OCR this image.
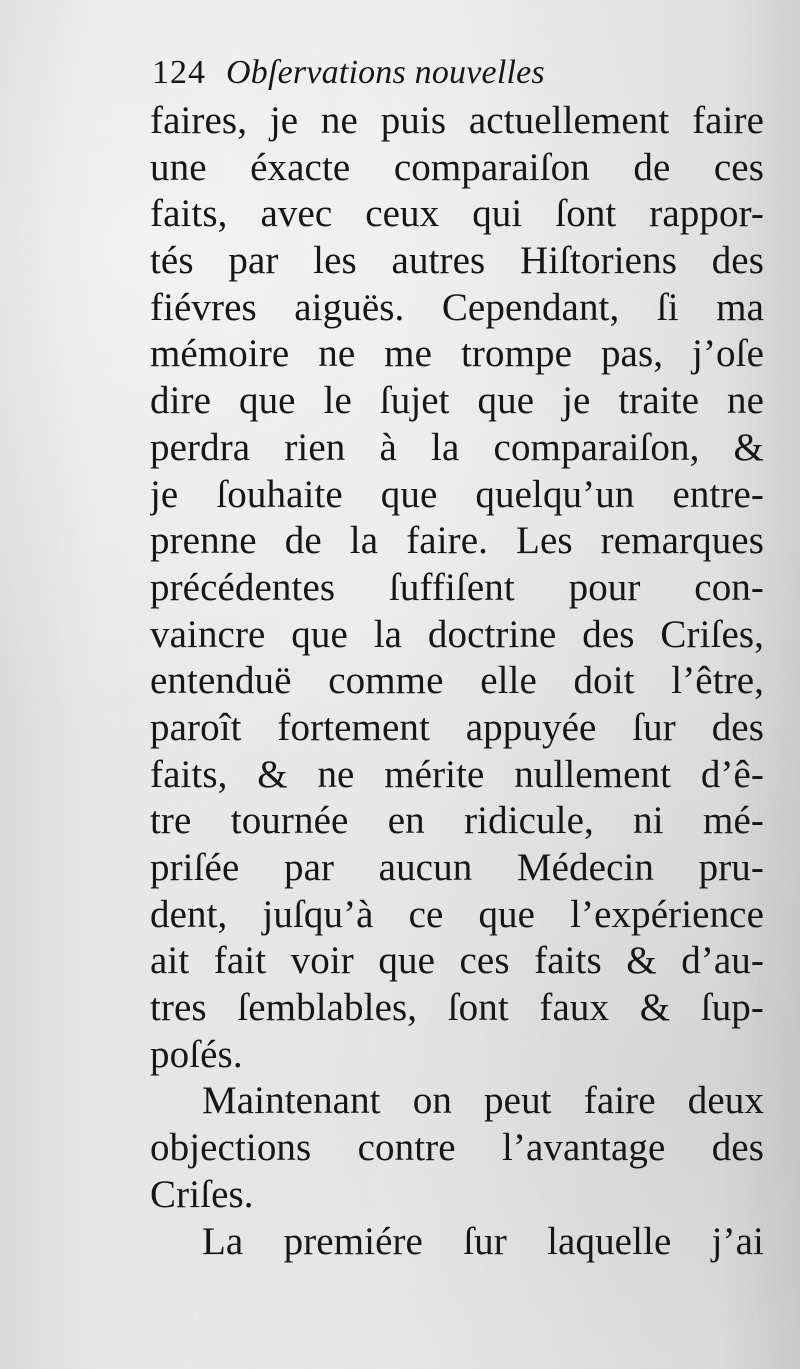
124 Obſervations nouvelles
faires, je ne puis actuellement faire
une éxacte comparaiſon de ces
faits, avec ceux qui ſont rappor-
tés par les autres Hiſtoriens des
fiévres aiguës. Cependant, ſi ma
mémoire ne me trompe pas, j’oſe
dire que le ſujet que je traite ne
perdra rien à la comparaiſon, &
je ſouhaite que quelqu’un entre-
prenne de la faire. Les remarques
précédentes ſuffiſent pour con-
vaincre que la doctrine des Criſes,
entenduë comme elle doit l’être,
paroît fortement appuyée ſur des
faits, & ne mérite nullement d’ê-
tre tournée en ridicule, ni mé-
priſée par aucun Médecin pru-
dent, juſqu’à ce que l’expérience
ait fait voir que ces faits & d’au-
tres ſemblables, ſont faux & ſup-
poſés.
Maintenant on peut faire deux
objections contre l’avantage des
Criſes.
La premiére ſur laquelle j’ai
